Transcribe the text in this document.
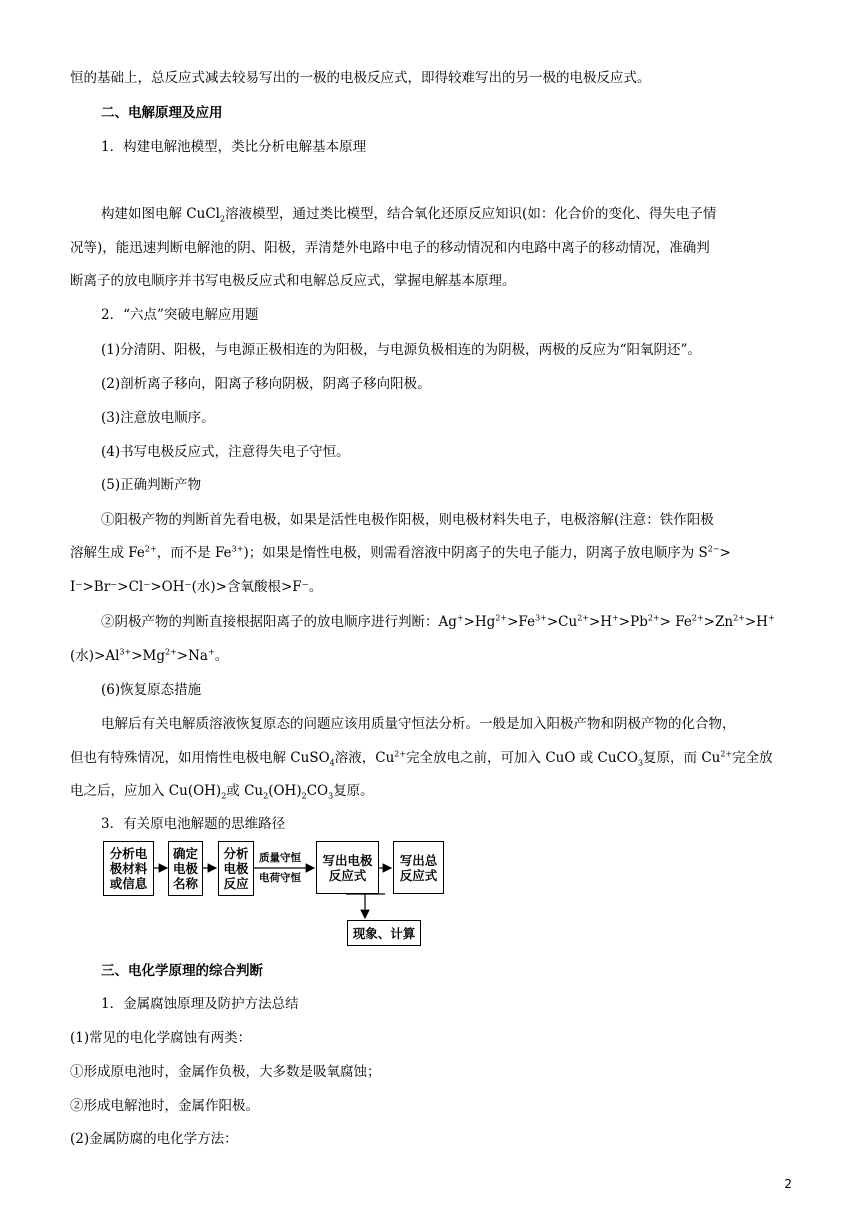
恒的基础上，总反应式减去较易写出的一极的电极反应式，即得较难写出的另一极的电极反应式。

二、电解原理及应用

1．构建电解池模型，类比分析电解基本原理

构建如图电解 CuCl$_2$溶液模型，通过类比模型，结合氧化还原反应知识(如：化合价的变化、得失电子情

况等)，能迅速判断电解池的阴、阳极，弄清楚外电路中电子的移动情况和内电路中离子的移动情况，准确判

断离子的放电顺序并书写电极反应式和电解总反应式，掌握电解基本原理。

2．“六点”突破电解应用题

(1)分清阴、阳极，与电源正极相连的为阳极，与电源负极相连的为阴极，两极的反应为“阳氧阴还”。

(2)剖析离子移向，阳离子移向阴极，阴离子移向阳极。

(3)注意放电顺序。

(4)书写电极反应式，注意得失电子守恒。

(5)正确判断产物

①阳极产物的判断首先看电极，如果是活性电极作阳极，则电极材料失电子，电极溶解(注意：铁作阳极

溶解生成 $Fe^{2+}$，而不是 $Fe^{3+}$)；如果是惰性电极，则需看溶液中阴离子的失电子能力，阴离子放电顺序为 $S^{2-}>$

I⁻>Br⁻>Cl⁻>OH⁻(水)>含氧酸根>F⁻。

②阴极产物的判断直接根据阳离子的放电顺序进行判断：$Ag^+>Hg^{2+}>Fe^{3+}>Cu^{2+}>H^+>Pb^{2+}> Fe^{2+}>Zn^{2+}>H^+$

(水)$>Al^{3+}>Mg^{2+}>Na^+$。

(6)恢复原态措施

电解后有关电解质溶液恢复原态的问题应该用质量守恒法分析。一般是加入阳极产物和阴极产物的化合物，

但也有特殊情况，如用惰性电极电解 CuSO$_4$溶液，$Cu^{2+}$完全放电之前，可加入 CuO 或 CuCO$_3$复原，而 $Cu^{2+}$完全放

电之后，应加入 $Cu(OH)_2$或 $Cu_2(OH)_2CO_3$复原。

3．有关原电池解题的思维路径

分析电
极材料
或信息
确定
电极
名称
分析
电极
反应
质量守恒
电荷守恒
写出电极
反应式
写出总
反应式
现象、计算

三、电化学原理的综合判断

1．金属腐蚀原理及防护方法总结

(1)常见的电化学腐蚀有两类：

①形成原电池时，金属作负极，大多数是吸氧腐蚀；

②形成电解池时，金属作阳极。

(2)金属防腐的电化学方法：

2
